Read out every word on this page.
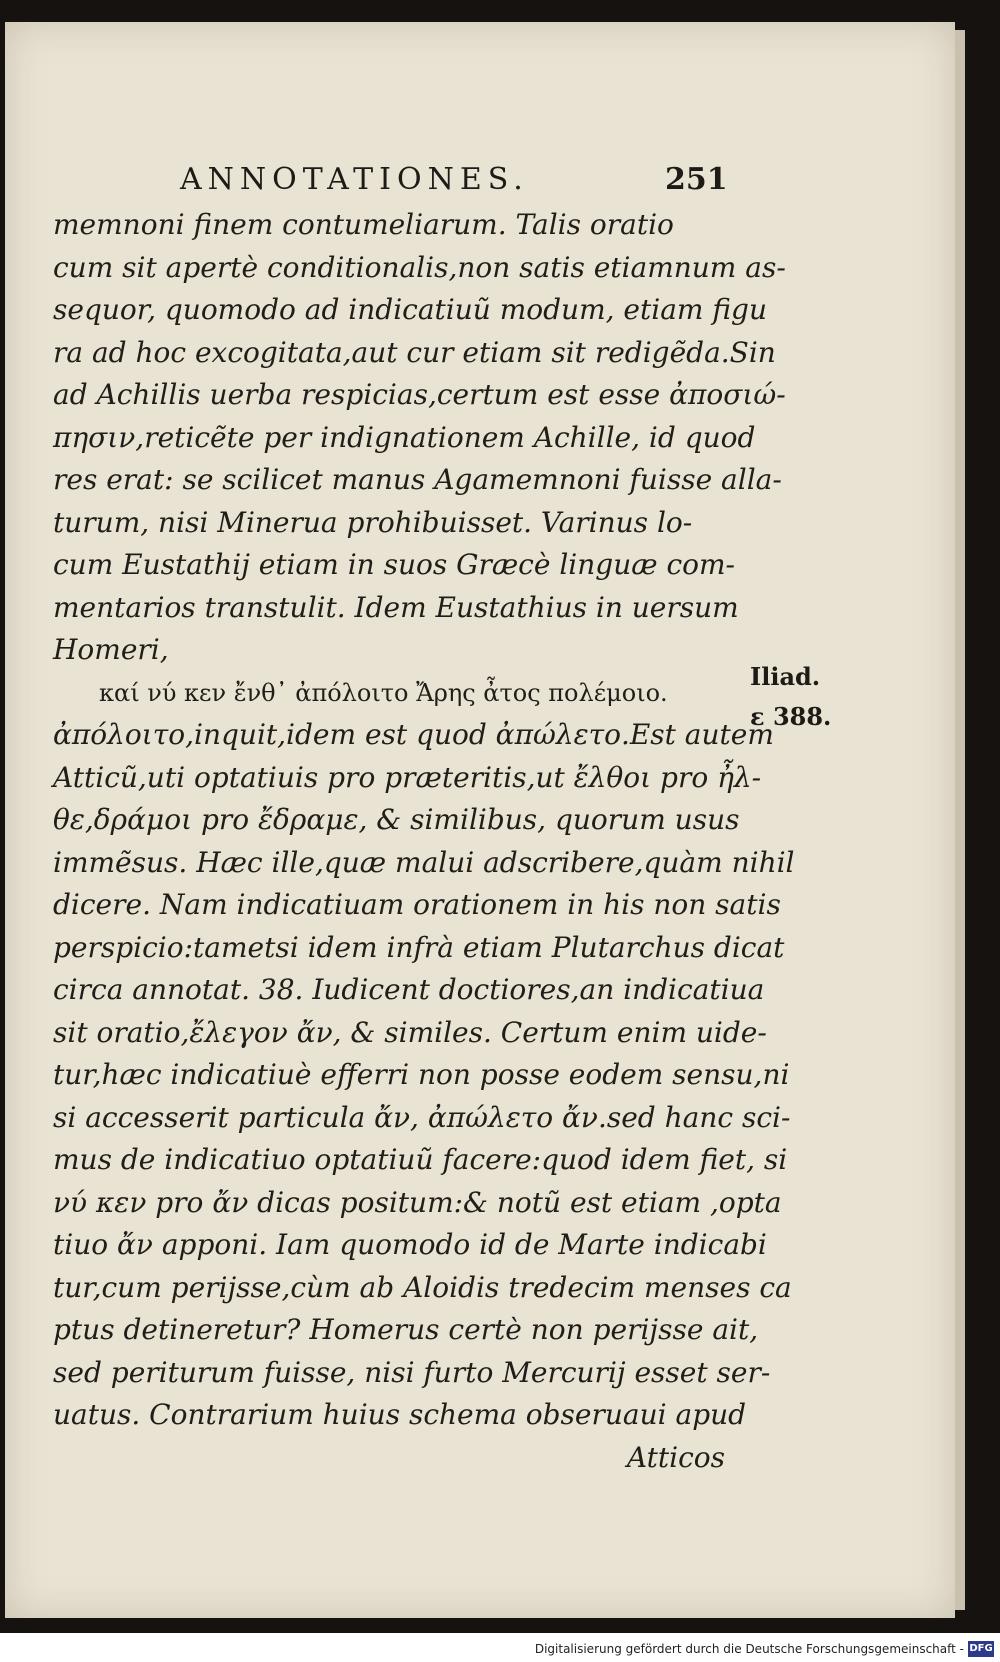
ANNOTATIONES.	251
memnoni finem contumeliarum. Talis oratio
cum sit apertè conditionalis,non satis etiamnum as-
sequor, quomodo ad indicatiuũ modum, etiam figu
ra ad hoc excogitata,aut cur etiam sit redigẽda.Sin
ad Achillis uerba respicias,certum est esse ἀποσιώ-
πησιν,reticẽte per indignationem Achille, id quod
res erat: se scilicet manus Agamemnoni fuisse alla-
turum, nisi Minerua prohibuisset. Varinus lo-
cum Eustathij etiam in suos Græcè linguæ com-
mentarios transtulit. Idem Eustathius in uersum
Homeri,
καί νύ κεν ἔνθ᾽ ἀπόλοιτο Ἄρης ἆτος πολέμοιο.
ἀπόλοιτο,inquit,idem est quod ἀπώλετο.Est autem
Atticũ,uti optatiuis pro præteritis,ut ἔλθοι pro ἦλ-
θε,δράμοι pro ἔδραμε, & similibus, quorum usus
immẽsus. Hæc ille,quæ malui adscribere,quàm nihil
dicere. Nam indicatiuam orationem in his non satis
perspicio:tametsi idem infrà etiam Plutarchus dicat
circa annotat. 38. Iudicent doctiores,an indicatiua
sit oratio,ἔλεγον ἄν, & similes. Certum enim uide-
tur,hæc indicatiuè efferri non posse eodem sensu,ni
si accesserit particula ἄν, ἀπώλετο ἄν.sed hanc sci-
mus de indicatiuo optatiuũ facere:quod idem fiet, si
νύ κεν pro ἄν dicas positum:& notũ est etiam ,opta
tiuo ἄν apponi. Iam quomodo id de Marte indicabi
tur,cum perijsse,cùm ab Aloidis tredecim menses ca
ptus detineretur? Homerus certè non perijsse ait,
sed periturum fuisse, nisi furto Mercurij esset ser-
uatus. Contrarium huius schema obseruaui apud
Atticos
Iliad.
ε 388.
Digitalisierung gefördert durch die Deutsche Forschungsgemeinschaft - DFG
